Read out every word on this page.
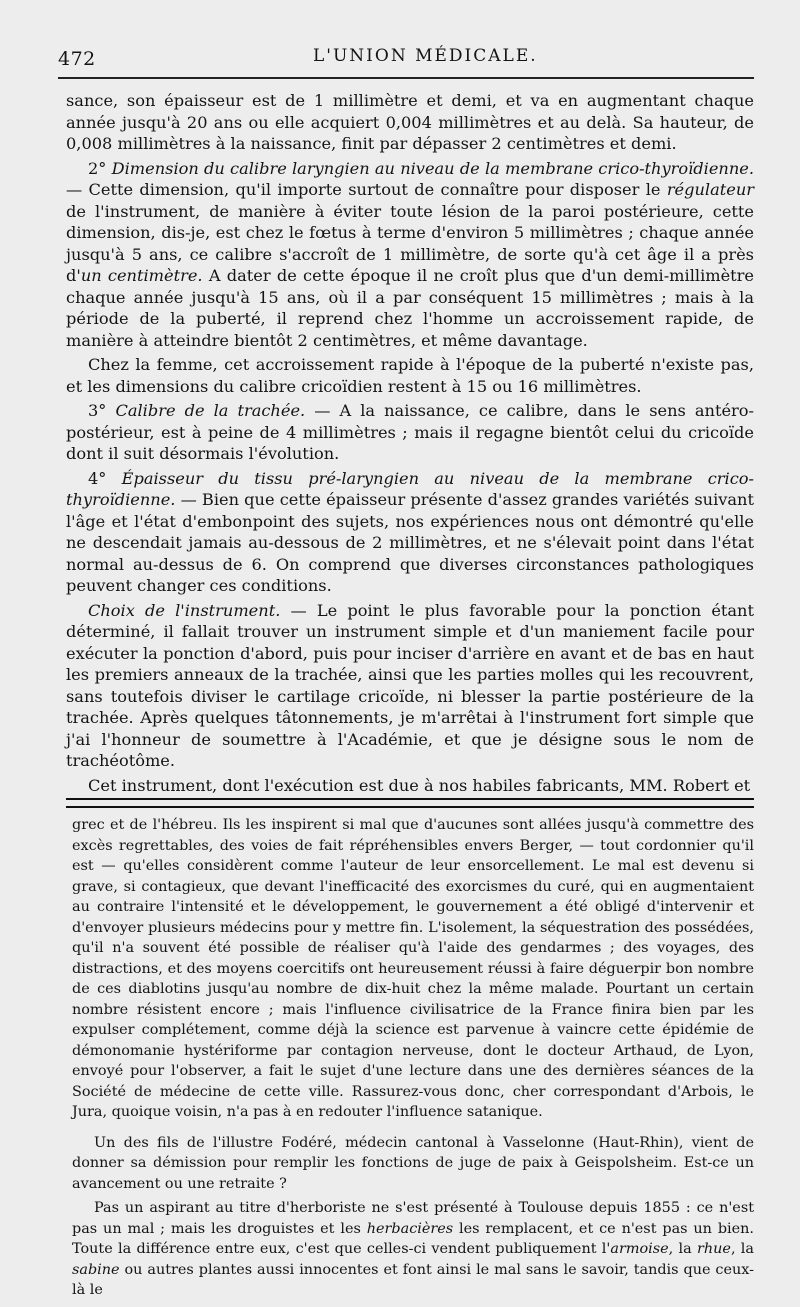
472	L'UNION MÉDICALE.

sance, son épaisseur est de 1 millimètre et demi, et va en augmentant chaque année jusqu'à 20 ans ou elle acquiert 0,004 millimètres et au delà. Sa hauteur, de 0,008 millimètres à la naissance, finit par dépasser 2 centimètres et demi.

2° Dimension du calibre laryngien au niveau de la membrane crico-thyroïdienne. — Cette dimension, qu'il importe surtout de connaître pour disposer le régulateur de l'instrument, de manière à éviter toute lésion de la paroi postérieure, cette dimension, dis-je, est chez le fœtus à terme d'environ 5 millimètres ; chaque année jusqu'à 5 ans, ce calibre s'accroît de 1 millimètre, de sorte qu'à cet âge il a près d'un centimètre. A dater de cette époque il ne croît plus que d'un demi-millimètre chaque année jusqu'à 15 ans, où il a par conséquent 15 millimètres ; mais à la période de la puberté, il reprend chez l'homme un accroissement rapide, de manière à atteindre bientôt 2 centimètres, et même davantage.

Chez la femme, cet accroissement rapide à l'époque de la puberté n'existe pas, et les dimensions du calibre cricoïdien restent à 15 ou 16 millimètres.

3° Calibre de la trachée. — A la naissance, ce calibre, dans le sens antéro-postérieur, est à peine de 4 millimètres ; mais il regagne bientôt celui du cricoïde dont il suit désormais l'évolution.

4° Épaisseur du tissu pré-laryngien au niveau de la membrane crico-thyroïdienne. — Bien que cette épaisseur présente d'assez grandes variétés suivant l'âge et l'état d'embonpoint des sujets, nos expériences nous ont démontré qu'elle ne descendait jamais au-dessous de 2 millimètres, et ne s'élevait point dans l'état normal au-dessus de 6. On comprend que diverses circonstances pathologiques peuvent changer ces conditions.

Choix de l'instrument. — Le point le plus favorable pour la ponction étant déterminé, il fallait trouver un instrument simple et d'un maniement facile pour exécuter la ponction d'abord, puis pour inciser d'arrière en avant et de bas en haut les premiers anneaux de la trachée, ainsi que les parties molles qui les recouvrent, sans toutefois diviser le cartilage cricoïde, ni blesser la partie postérieure de la trachée. Après quelques tâtonnements, je m'arrêtai à l'instrument fort simple que j'ai l'honneur de soumettre à l'Académie, et que je désigne sous le nom de trachéotôme.

Cet instrument, dont l'exécution est due à nos habiles fabricants, MM. Robert et

grec et de l'hébreu. Ils les inspirent si mal que d'aucunes sont allées jusqu'à commettre des excès regrettables, des voies de fait répréhensibles envers Berger, — tout cordonnier qu'il est — qu'elles considèrent comme l'auteur de leur ensorcellement. Le mal est devenu si grave, si contagieux, que devant l'inefficacité des exorcismes du curé, qui en augmentaient au contraire l'intensité et le développement, le gouvernement a été obligé d'intervenir et d'envoyer plusieurs médecins pour y mettre fin. L'isolement, la séquestration des possédées, qu'il n'a souvent été possible de réaliser qu'à l'aide des gendarmes ; des voyages, des distractions, et des moyens coercitifs ont heureusement réussi à faire déguerpir bon nombre de ces diablotins jusqu'au nombre de dix-huit chez la même malade. Pourtant un certain nombre résistent encore ; mais l'influence civilisatrice de la France finira bien par les expulser complétement, comme déjà la science est parvenue à vaincre cette épidémie de démonomanie hystériforme par contagion nerveuse, dont le docteur Arthaud, de Lyon, envoyé pour l'observer, a fait le sujet d'une lecture dans une des dernières séances de la Société de médecine de cette ville. Rassurez-vous donc, cher correspondant d'Arbois, le Jura, quoique voisin, n'a pas à en redouter l'influence satanique.

Un des fils de l'illustre Fodéré, médecin cantonal à Vasselonne (Haut-Rhin), vient de donner sa démission pour remplir les fonctions de juge de paix à Geispolsheim. Est-ce un avancement ou une retraite ?

Pas un aspirant au titre d'herboriste ne s'est présenté à Toulouse depuis 1855 : ce n'est pas un mal ; mais les droguistes et les herbacières les remplacent, et ce n'est pas un bien. Toute la différence entre eux, c'est que celles-ci vendent publiquement l'armoise, la rhue, la sabine ou autres plantes aussi innocentes et font ainsi le mal sans le savoir, tandis que ceux-là le
